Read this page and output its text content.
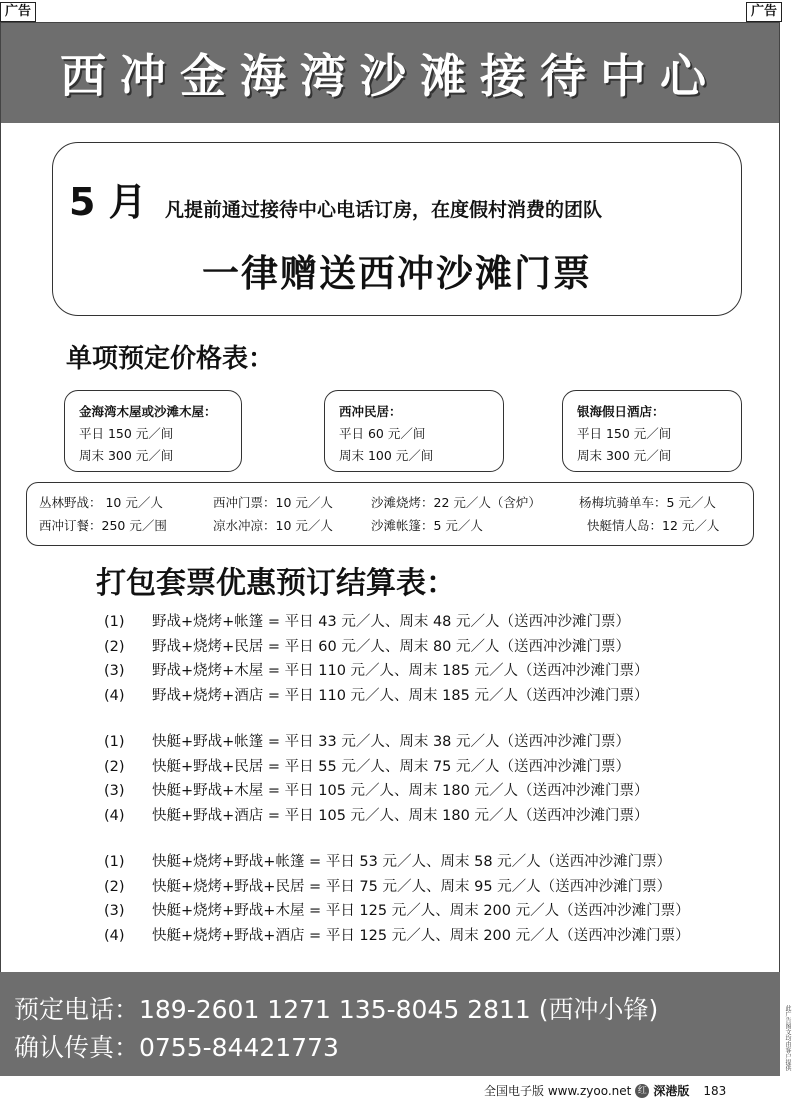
广告	广告
西冲金海湾沙滩接待中心
5 月 凡提前通过接待中心电话订房，在度假村消费的团队
一律赠送西冲沙滩门票
单项预定价格表：
金海湾木屋或沙滩木屋：
平日 150 元／间
周末 300 元／间
西冲民居：
平日 60 元／间
周末 100 元／间
银海假日酒店：
平日 150 元／间
周末 300 元／间
丛林野战： 10 元／人	西冲门票：10 元／人	沙滩烧烤：22 元／人（含炉）	杨梅坑骑单车：5 元／人
西冲订餐：250 元／围	凉水冲凉：10 元／人	沙滩帐篷：5 元／人	快艇情人岛：12 元／人
打包套票优惠预订结算表：
(1)	野战+烧烤+帐篷 = 平日 43 元／人、周末 48 元／人（送西冲沙滩门票）
(2)	野战+烧烤+民居 = 平日 60 元／人、周末 80 元／人（送西冲沙滩门票）
(3)	野战+烧烤+木屋 = 平日 110 元／人、周末 185 元／人（送西冲沙滩门票）
(4)	野战+烧烤+酒店 = 平日 110 元／人、周末 185 元／人（送西冲沙滩门票）
(1)	快艇+野战+帐篷 = 平日 33 元／人、周末 38 元／人（送西冲沙滩门票）
(2)	快艇+野战+民居 = 平日 55 元／人、周末 75 元／人（送西冲沙滩门票）
(3)	快艇+野战+木屋 = 平日 105 元／人、周末 180 元／人（送西冲沙滩门票）
(4)	快艇+野战+酒店 = 平日 105 元／人、周末 180 元／人（送西冲沙滩门票）
(1)	快艇+烧烤+野战+帐篷 = 平日 53 元／人、周末 58 元／人（送西冲沙滩门票）
(2)	快艇+烧烤+野战+民居 = 平日 75 元／人、周末 95 元／人（送西冲沙滩门票）
(3)	快艇+烧烤+野战+木屋 = 平日 125 元／人、周末 200 元／人（送西冲沙滩门票）
(4)	快艇+烧烤+野战+酒店 = 平日 125 元／人、周末 200 元／人（送西冲沙滩门票）
预定电话：189-2601 1271 135-8045 2811 (西冲小锋)
确认传真：0755-84421773	此广告图文均由客户提供
全国电子版 www.zyoo.net 红 深港版 183
